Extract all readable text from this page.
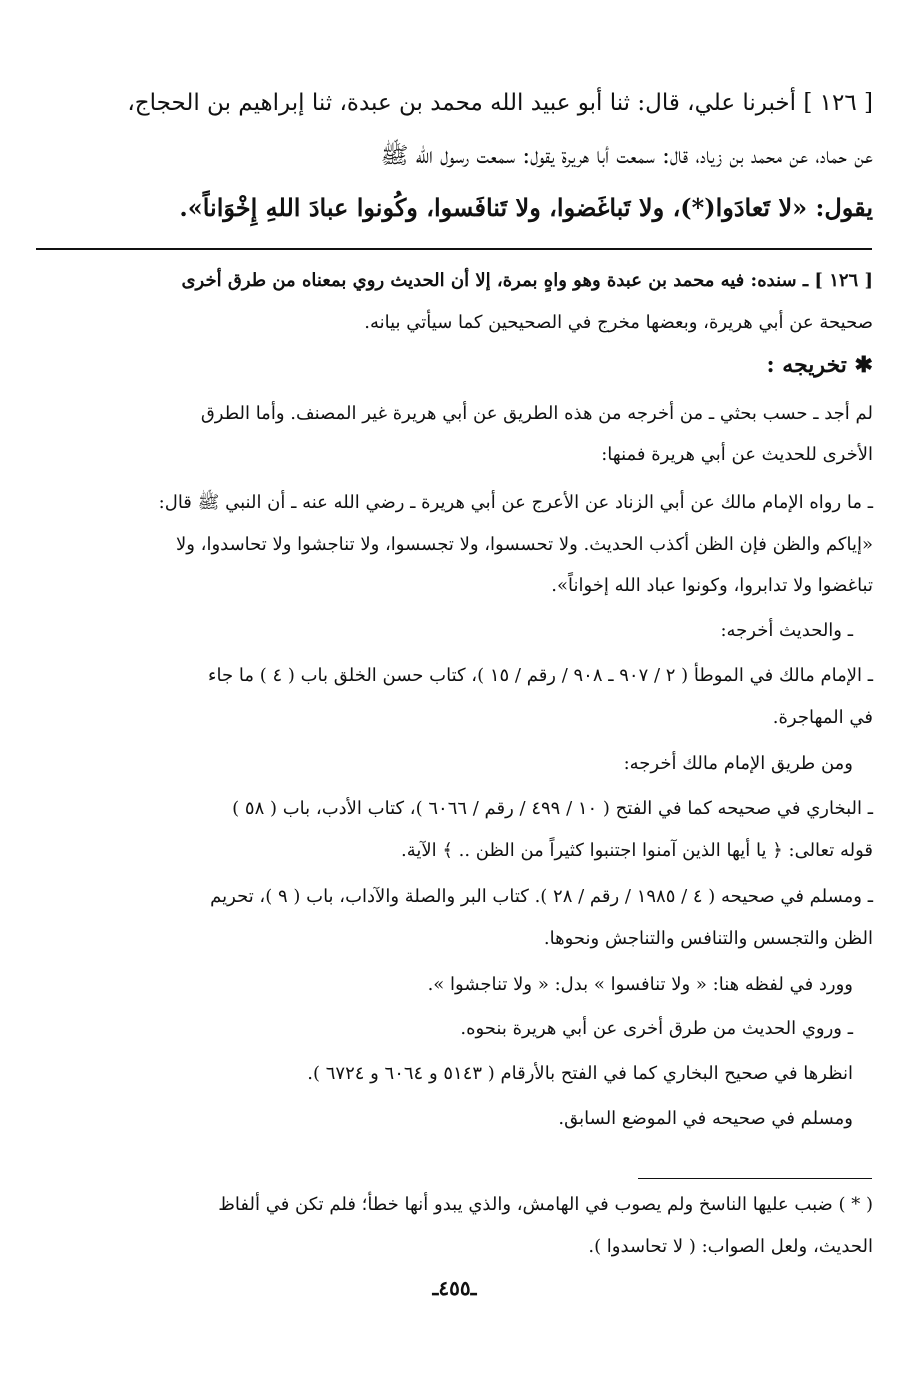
[ ١٢٦ ] أخبرنا علي، قال: ثنا أبو عبيد الله محمد بن عبدة، ثنا إبراهيم بن الحجاج،
عن حماد، عن محمد بن زياد، قال: سمعت أبا هريرة يقول: سمعت رسول الله ﷺ
يقول: «لا تَعادَوا(*)، ولا تَباغَضوا، ولا تَنافَسوا، وكُونوا عبادَ اللهِ إِخْوَاناً».
[ ١٢٦ ] ـ سنده: فيه محمد بن عبدة وهو واهٍ بمرة، إلا أن الحديث روي بمعناه من طرق أخرى
صحيحة عن أبي هريرة، وبعضها مخرج في الصحيحين كما سيأتي بيانه.
✱ تخريجه :
لم أجد ـ حسب بحثي ـ من أخرجه من هذه الطريق عن أبي هريرة غير المصنف. وأما الطرق
الأخرى للحديث عن أبي هريرة فمنها:
ـ ما رواه الإمام مالك عن أبي الزناد عن الأعرج عن أبي هريرة ـ رضي الله عنه ـ أن النبي ﷺ قال:
«إياكم والظن فإن الظن أكذب الحديث. ولا تحسسوا، ولا تجسسوا، ولا تناجشوا ولا تحاسدوا، ولا
تباغضوا ولا تدابروا، وكونوا عباد الله إخواناً».
ـ والحديث أخرجه:
ـ الإمام مالك في الموطأ ( ٢ / ٩٠٧ ـ ٩٠٨ / رقم / ١٥ )، كتاب حسن الخلق باب ( ٤ ) ما جاء
في المهاجرة.
ومن طريق الإمام مالك أخرجه:
ـ البخاري في صحيحه كما في الفتح ( ١٠ / ٤٩٩ / رقم / ٦٠٦٦ )، كتاب الأدب، باب ( ٥٨ )
قوله تعالى: ﴿ يا أيها الذين آمنوا اجتنبوا كثيراً من الظن .. ﴾ الآية.
ـ ومسلم في صحيحه ( ٤ / ١٩٨٥ / رقم / ٢٨ ). كتاب البر والصلة والآداب، باب ( ٩ )، تحريم
الظن والتجسس والتنافس والتناجش ونحوها.
وورد في لفظه هنا: « ولا تنافسوا » بدل: « ولا تناجشوا ».
ـ وروي الحديث من طرق أخرى عن أبي هريرة بنحوه.
انظرها في صحيح البخاري كما في الفتح بالأرقام ( ٥١٤٣ و ٦٠٦٤ و ٦٧٢٤ ).
ومسلم في صحيحه في الموضع السابق.
( * ) ضبب عليها الناسخ ولم يصوب في الهامش، والذي يبدو أنها خطأ؛ فلم تكن في ألفاظ
الحديث، ولعل الصواب: ( لا تحاسدوا ).
ـ٤٥٥ـ
